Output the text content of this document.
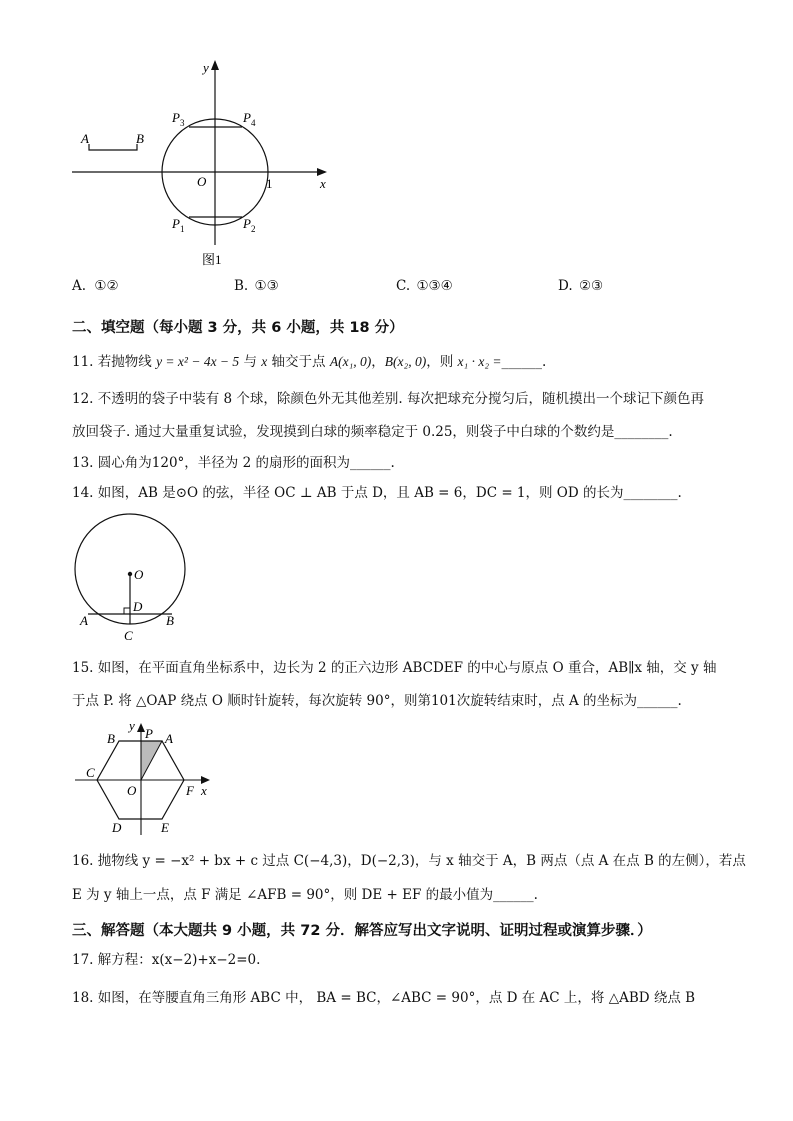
y
x
A	B
O	1
$P_3$	$P_4$
$P_1$	$P_2$
图1
A. ①②	B. ①③	C. ①③④	D. ②③
二、填空题（每小题 3 分，共 6 小题，共 18 分）
11. 若抛物线 y = x² − 4x − 5 与 x 轴交于点 A(x₁, 0)，B(x₂, 0)，则 x₁ · x₂ =______.
12. 不透明的袋子中装有 8 个球，除颜色外无其他差别. 每次把球充分搅匀后，随机摸出一个球记下颜色再
放回袋子. 通过大量重复试验，发现摸到白球的频率稳定于 0.25，则袋子中白球的个数约是________.
13. 圆心角为120°，半径为 2 的扇形的面积为______.
14. 如图，AB 是⊙O 的弦，半径 OC ⊥ AB 于点 D，且 AB = 6，DC = 1，则 OD 的长为________.
O
D
A	B
C
15. 如图，在平面直角坐标系中，边长为 2 的正六边形 ABCDEF 的中心与原点 O 重合，AB∥x 轴，交 y 轴
于点 P. 将 △OAP 绕点 O 顺时针旋转，每次旋转 90°，则第101次旋转结束时，点 A 的坐标为______.
y
x
B P A
C
O	F
D	E
16. 抛物线 y = −x² + bx + c 过点 C(−4,3)，D(−2,3)，与 x 轴交于 A，B 两点（点 A 在点 B 的左侧），若点
E 为 y 轴上一点，点 F 满足 ∠AFB = 90°，则 DE + EF 的最小值为______.
三、解答题（本大题共 9 小题，共 72 分．解答应写出文字说明、证明过程或演算步骤．）
17. 解方程：x(x−2)+x−2=0.
18. 如图，在等腰直角三角形 ABC 中， BA = BC，∠ABC = 90°，点 D 在 AC 上，将 △ABD 绕点 B
